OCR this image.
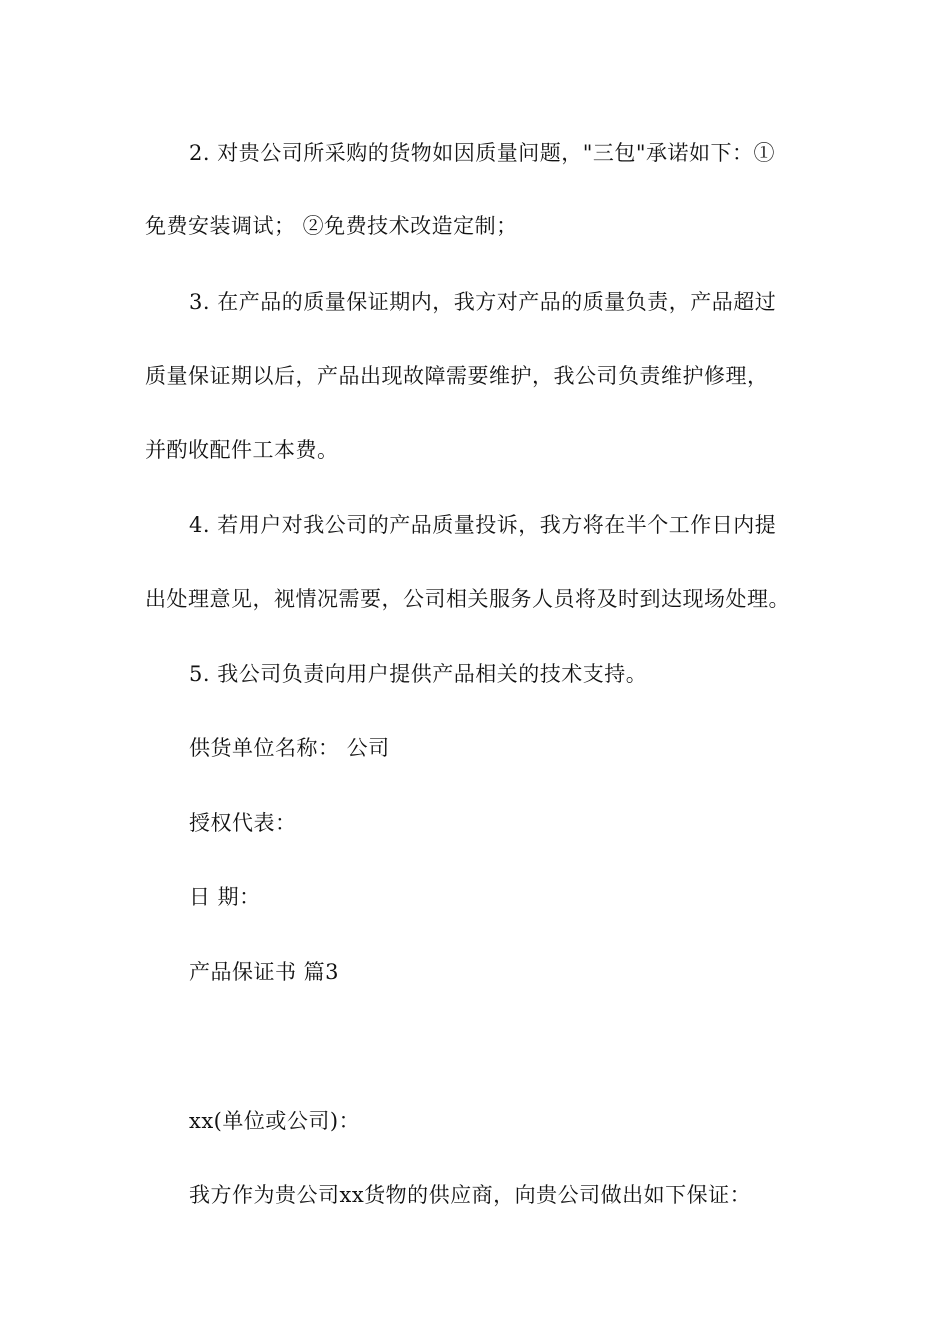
2. 对贵公司所采购的货物如因质量问题，"三包"承诺如下：①
免费安装调试； ②免费技术改造定制；
3. 在产品的质量保证期内，我方对产品的质量负责，产品超过
质量保证期以后，产品出现故障需要维护，我公司负责维护修理，
并酌收配件工本费。
4. 若用户对我公司的产品质量投诉，我方将在半个工作日内提
出处理意见，视情况需要，公司相关服务人员将及时到达现场处理。
5. 我公司负责向用户提供产品相关的技术支持。
供货单位名称： 公司
授权代表：
日 期：
产品保证书 篇3
xx(单位或公司)：
我方作为贵公司xx货物的供应商，向贵公司做出如下保证：
